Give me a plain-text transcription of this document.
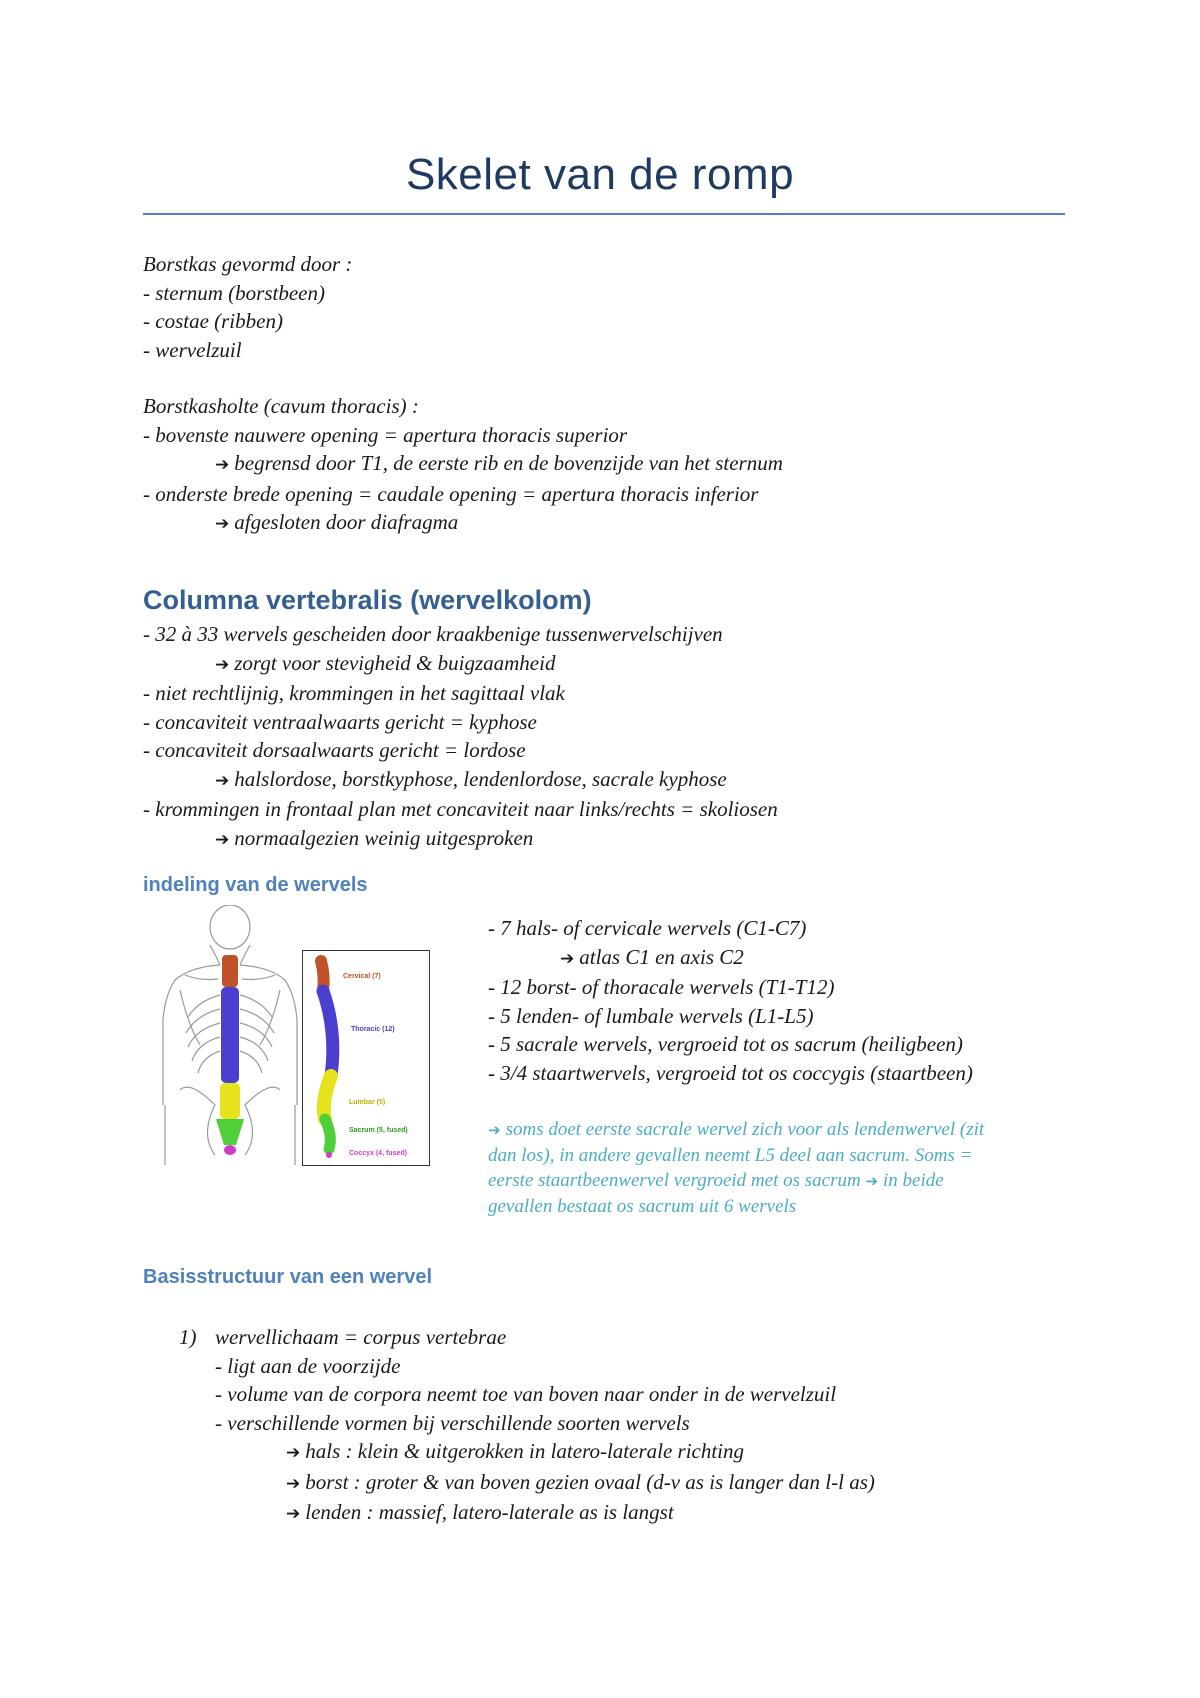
Skelet van de romp
Borstkas gevormd door :
- sternum (borstbeen)
- costae (ribben)
- wervelzuil
Borstkasholte (cavum thoracis) :
- bovenste nauwere opening = apertura thoracis superior
➔ begrensd door T1, de eerste rib en de bovenzijde van het sternum
- onderste brede opening = caudale opening = apertura thoracis inferior
➔ afgesloten door diafragma
Columna vertebralis (wervelkolom)
- 32 à 33 wervels gescheiden door kraakbenige tussenwervelschijven
➔ zorgt voor stevigheid & buigzaamheid
- niet rechtlijnig, krommingen in het sagittaal vlak
- concaviteit ventraalwaarts gericht = kyphose
- concaviteit dorsaalwaarts gericht = lordose
➔ halslordose, borstkyphose, lendenlordose, sacrale kyphose
- krommingen in frontaal plan met concaviteit naar links/rechts = skoliosen
➔ normaalgezien weinig uitgesproken
indeling van de wervels
Cervical (7)
Thoracic (12)
Lumbar (5)
Sacrum (5, fused)
Coccyx (4, fused)
- 7 hals- of cervicale wervels (C1-C7)
➔ atlas C1 en axis C2
- 12 borst- of thoracale wervels (T1-T12)
- 5 lenden- of lumbale wervels (L1-L5)
- 5 sacrale wervels, vergroeid tot os sacrum (heiligbeen)
- 3/4 staartwervels, vergroeid tot os coccygis (staartbeen)
➔ soms doet eerste sacrale wervel zich voor als lendenwervel (zit
dan los), in andere gevallen neemt L5 deel aan sacrum. Soms =
eerste staartbeenwervel vergroeid met os sacrum ➔ in beide
gevallen bestaat os sacrum uit 6 wervels
Basisstructuur van een wervel
1) wervellichaam = corpus vertebrae
- ligt aan de voorzijde
- volume van de corpora neemt toe van boven naar onder in de wervelzuil
- verschillende vormen bij verschillende soorten wervels
➔ hals : klein & uitgerokken in latero-laterale richting
➔ borst : groter & van boven gezien ovaal (d-v as is langer dan l-l as)
➔ lenden : massief, latero-laterale as is langst
